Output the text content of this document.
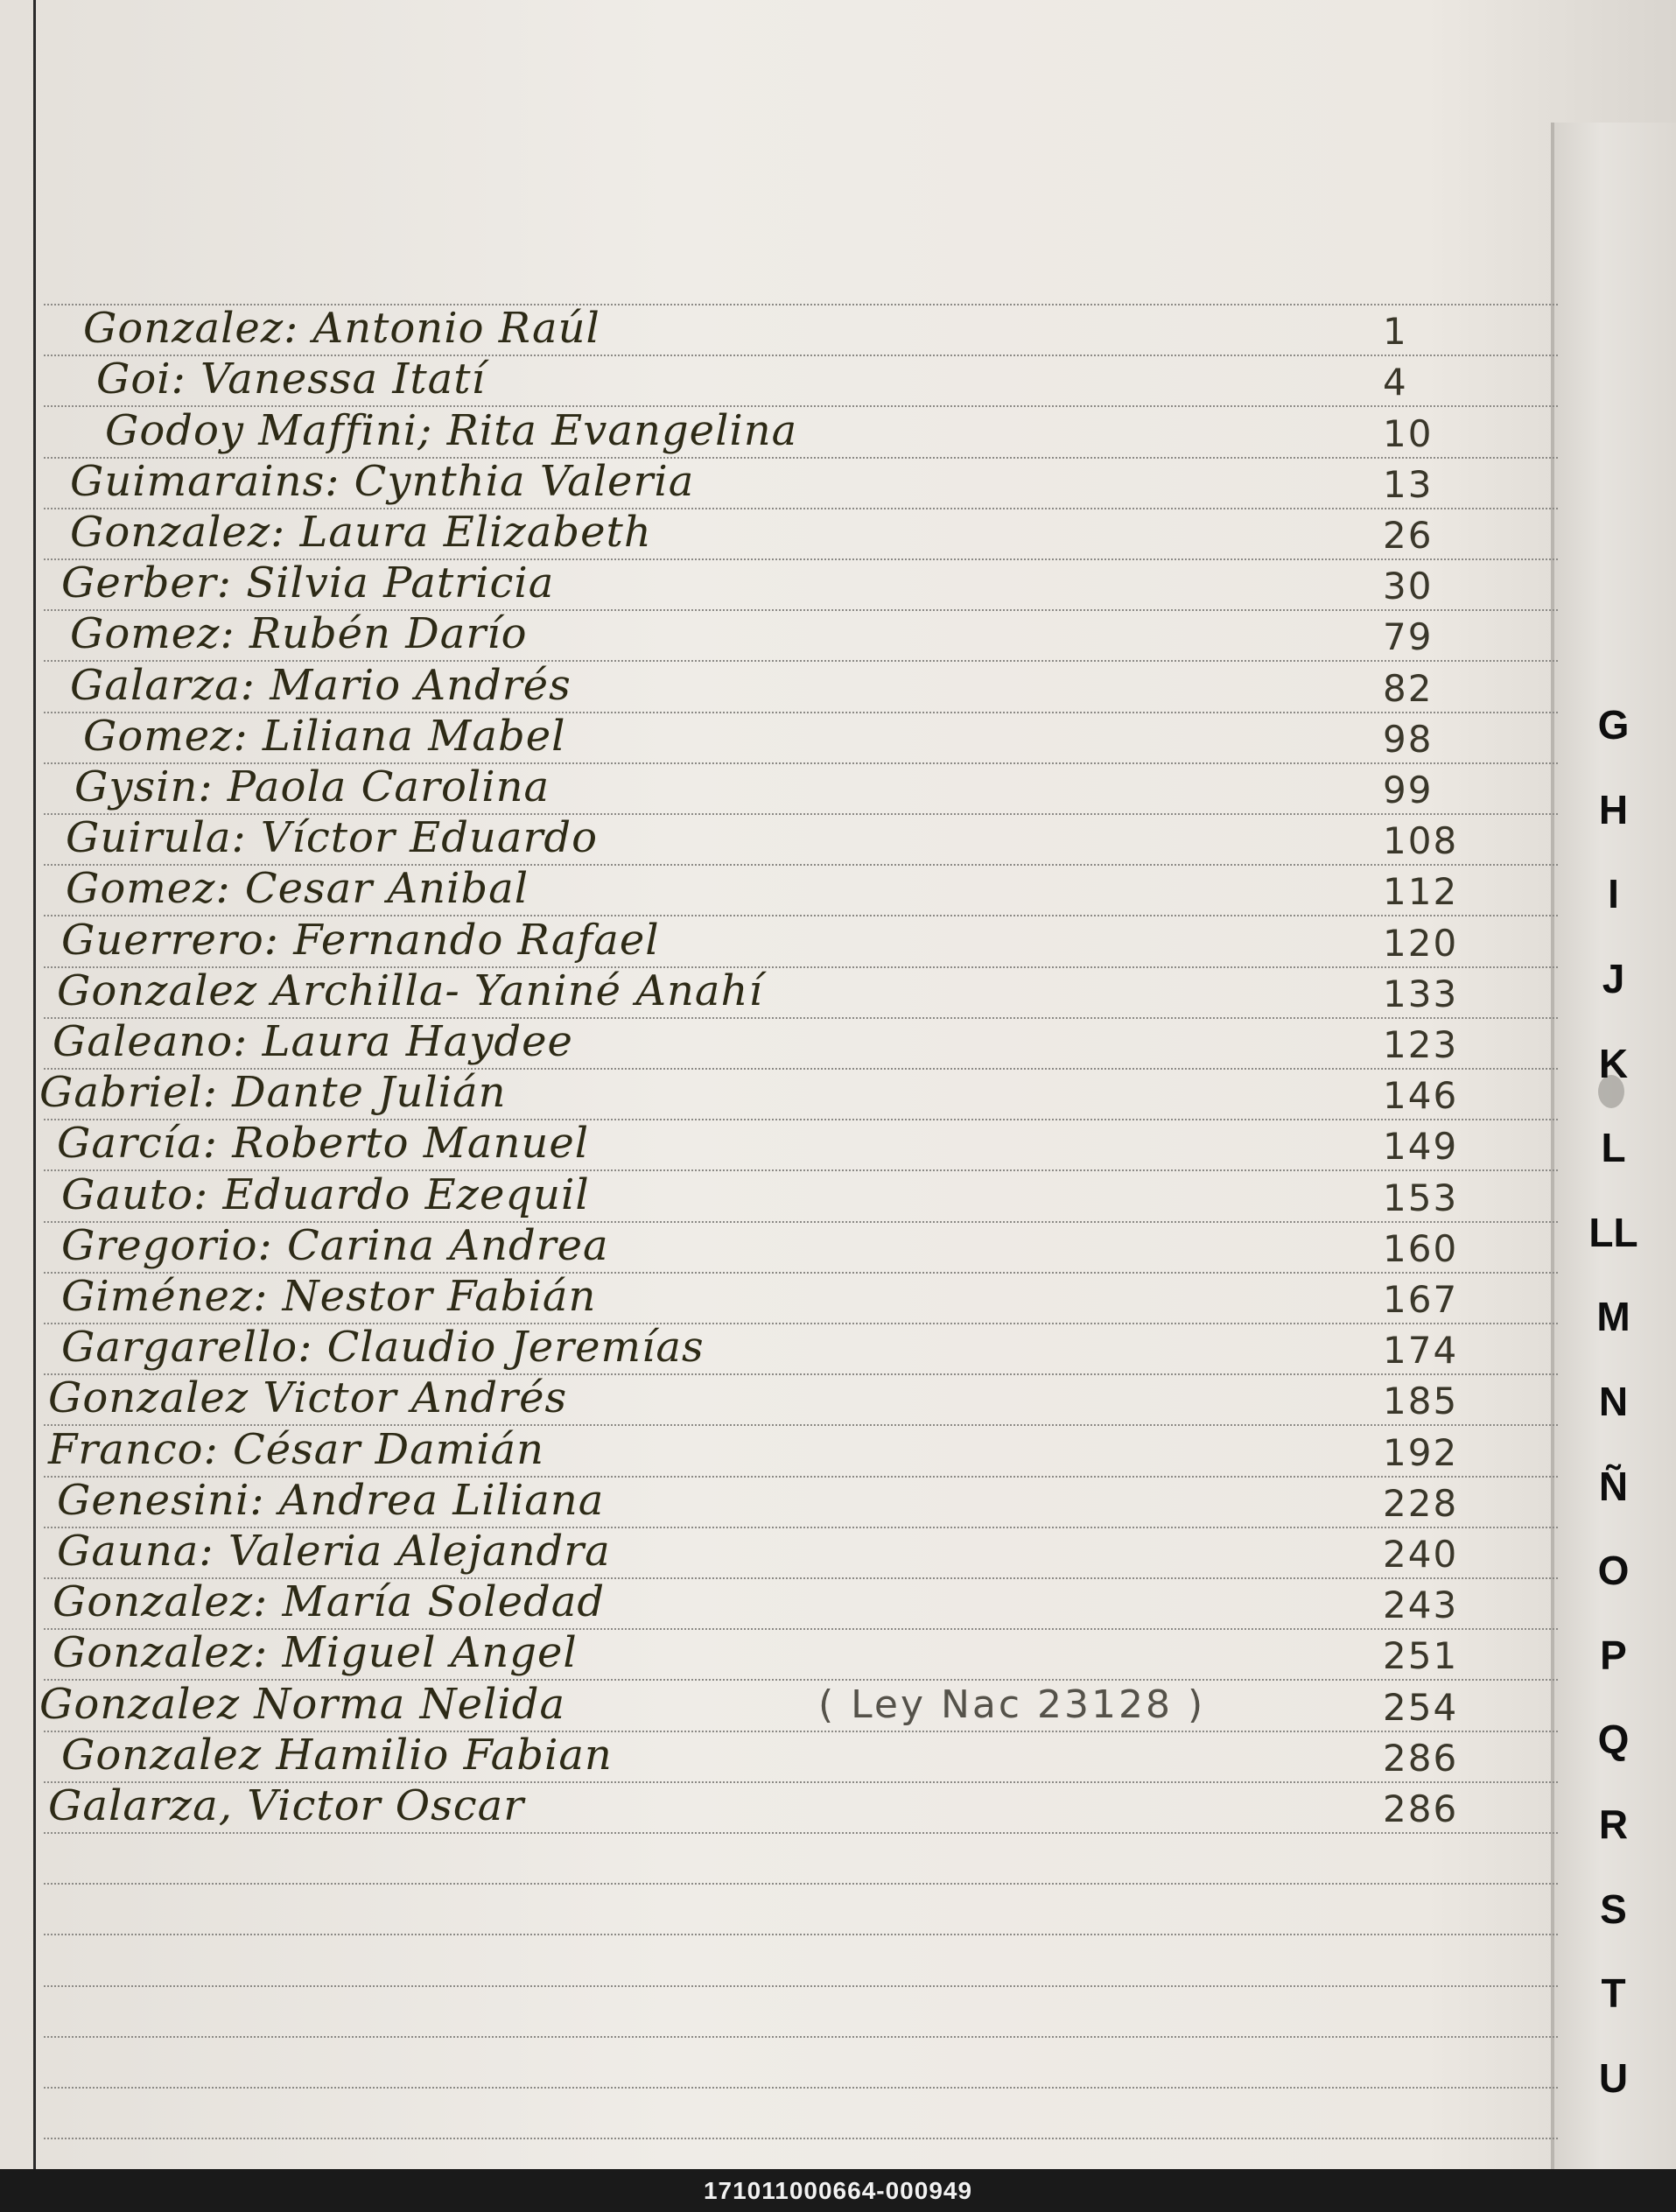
Gonzalez: Antonio Raúl	1
Goi: Vanessa Itatí	4
Godoy Maffini; Rita Evangelina	10
Guimarains: Cynthia Valeria	13
Gonzalez: Laura Elizabeth	26
Gerber: Silvia Patricia	30
Gomez: Rubén Darío	79
Galarza: Mario Andrés	82
Gomez: Liliana Mabel	98
Gysin: Paola Carolina	99
Guirula: Víctor Eduardo	108
Gomez: Cesar Anibal	112
Guerrero: Fernando Rafael	120
Gonzalez Archilla- Yaniné Anahí	133
Galeano: Laura Haydee	123
Gabriel: Dante Julián	146
García: Roberto Manuel	149
Gauto: Eduardo Ezequil	153
Gregorio: Carina Andrea	160
Giménez: Nestor Fabián	167
Gargarello: Claudio Jeremías	174
Gonzalez Victor Andrés	185
Franco: César Damián	192
Genesini: Andrea Liliana	228
Gauna: Valeria Alejandra	240
Gonzalez: María Soledad	243
Gonzalez: Miguel Angel	251
Gonzalez Norma Nelida	( Ley Nac 23128 )	254
Gonzalez Hamilio Fabian	286
Galarza, Victor Oscar	286
G
H
I
J
K
L
LL
M
N
Ñ
O
P
Q
R
S
T
U
171011000664-000949
